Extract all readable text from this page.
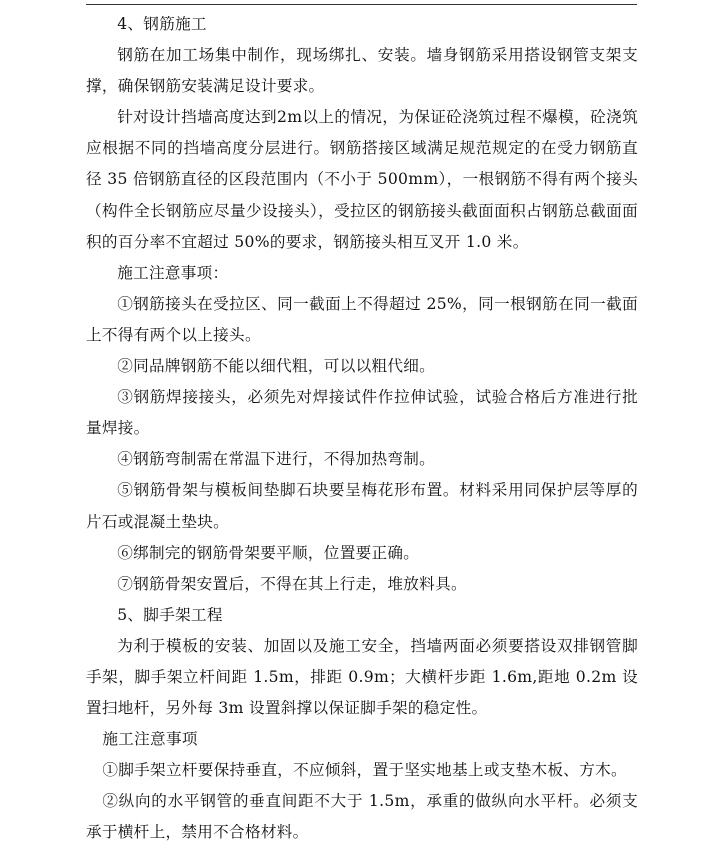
4、钢筋施工

钢筋在加工场集中制作，现场绑扎、安装。墙身钢筋采用搭设钢管支架支撑，确保钢筋安装满足设计要求。

针对设计挡墙高度达到2m以上的情况，为保证砼浇筑过程不爆模，砼浇筑应根据不同的挡墙高度分层进行。钢筋搭接区域满足规范规定的在受力钢筋直径 35 倍钢筋直径的区段范围内（不小于 500mm），一根钢筋不得有两个接头（构件全长钢筋应尽量少设接头），受拉区的钢筋接头截面面积占钢筋总截面面积的百分率不宜超过 50%的要求，钢筋接头相互叉开 1.0 米。

施工注意事项：

①钢筋接头在受拉区、同一截面上不得超过 25%，同一根钢筋在同一截面上不得有两个以上接头。

②同品牌钢筋不能以细代粗，可以以粗代细。

③钢筋焊接接头，必须先对焊接试件作拉伸试验，试验合格后方准进行批量焊接。

④钢筋弯制需在常温下进行，不得加热弯制。

⑤钢筋骨架与模板间垫脚石块要呈梅花形布置。材料采用同保护层等厚的片石或混凝土垫块。

⑥绑制完的钢筋骨架要平顺，位置要正确。

⑦钢筋骨架安置后，不得在其上行走，堆放料具。

5、脚手架工程

为利于模板的安装、加固以及施工安全，挡墙两面必须要搭设双排钢管脚手架，脚手架立杆间距 1.5m，排距 0.9m；大横杆步距 1.6m,距地 0.2m 设置扫地杆，另外每 3m 设置斜撑以保证脚手架的稳定性。

施工注意事项

①脚手架立杆要保持垂直，不应倾斜，置于坚实地基上或支垫木板、方木。

②纵向的水平钢管的垂直间距不大于 1.5m，承重的做纵向水平杆。必须支承于横杆上，禁用不合格材料。
